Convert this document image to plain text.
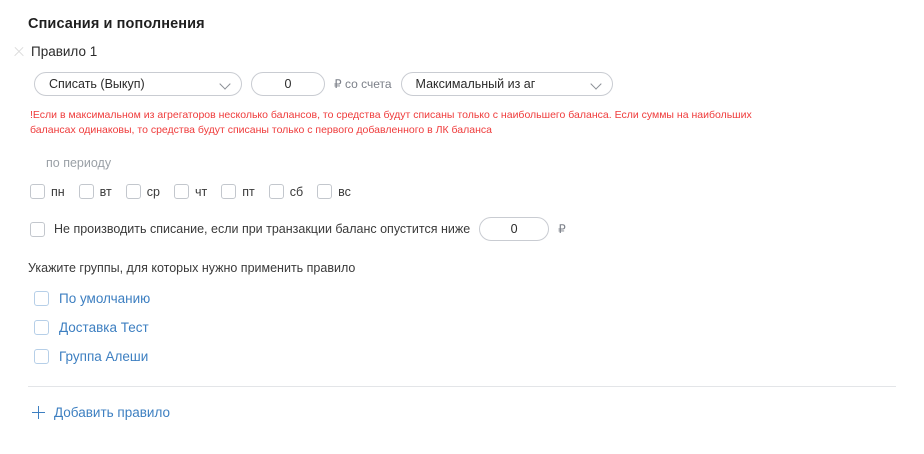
Списания и пополнения
Правило 1
Списать (Выкуп)
0	₽ со счета Максимальный из аг
!Если в максимальном из агрегаторов несколько балансов, то средства будут списаны только с наибольшего баланса. Если суммы на наибольших балансах одинаковы, то средства будут списаны только с первого добавленного в ЛК баланса
по периоду
пн	вт	ср	чт	пт	сб	вс
Не производить списание, если при транзакции баланс опустится ниже
0	₽
Укажите группы, для которых нужно применить правило
По умолчанию
Доставка Тест
Группа Алеши
Добавить правило
